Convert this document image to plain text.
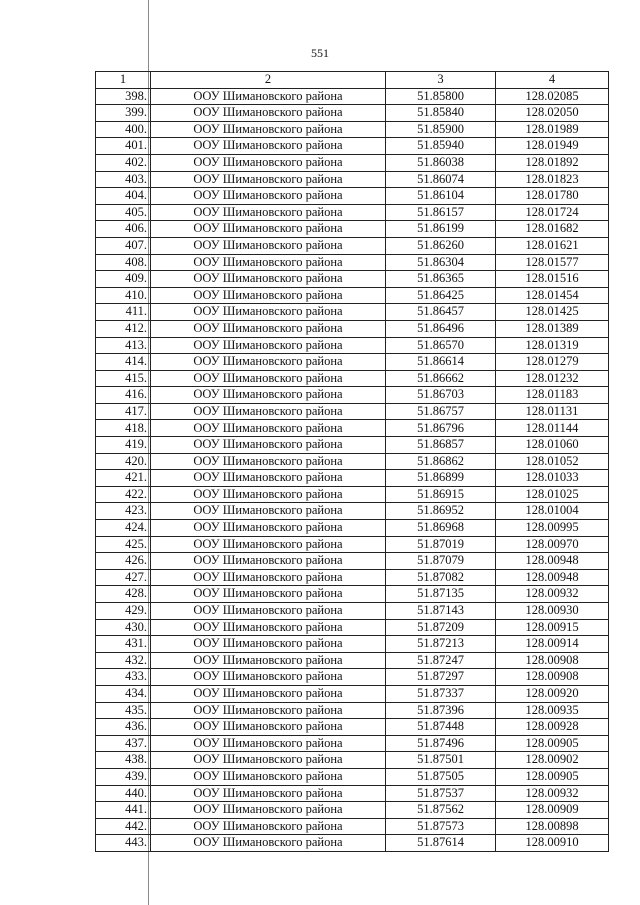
551
1	2	3	4
398.	ООУ Шимановского района	51.85800	128.02085
399.	ООУ Шимановского района	51.85840	128.02050
400.	ООУ Шимановского района	51.85900	128.01989
401.	ООУ Шимановского района	51.85940	128.01949
402.	ООУ Шимановского района	51.86038	128.01892
403.	ООУ Шимановского района	51.86074	128.01823
404.	ООУ Шимановского района	51.86104	128.01780
405.	ООУ Шимановского района	51.86157	128.01724
406.	ООУ Шимановского района	51.86199	128.01682
407.	ООУ Шимановского района	51.86260	128.01621
408.	ООУ Шимановского района	51.86304	128.01577
409.	ООУ Шимановского района	51.86365	128.01516
410.	ООУ Шимановского района	51.86425	128.01454
411.	ООУ Шимановского района	51.86457	128.01425
412.	ООУ Шимановского района	51.86496	128.01389
413.	ООУ Шимановского района	51.86570	128.01319
414.	ООУ Шимановского района	51.86614	128.01279
415.	ООУ Шимановского района	51.86662	128.01232
416.	ООУ Шимановского района	51.86703	128.01183
417.	ООУ Шимановского района	51.86757	128.01131
418.	ООУ Шимановского района	51.86796	128.01144
419.	ООУ Шимановского района	51.86857	128.01060
420.	ООУ Шимановского района	51.86862	128.01052
421.	ООУ Шимановского района	51.86899	128.01033
422.	ООУ Шимановского района	51.86915	128.01025
423.	ООУ Шимановского района	51.86952	128.01004
424.	ООУ Шимановского района	51.86968	128.00995
425.	ООУ Шимановского района	51.87019	128.00970
426.	ООУ Шимановского района	51.87079	128.00948
427.	ООУ Шимановского района	51.87082	128.00948
428.	ООУ Шимановского района	51.87135	128.00932
429.	ООУ Шимановского района	51.87143	128.00930
430.	ООУ Шимановского района	51.87209	128.00915
431.	ООУ Шимановского района	51.87213	128.00914
432.	ООУ Шимановского района	51.87247	128.00908
433.	ООУ Шимановского района	51.87297	128.00908
434.	ООУ Шимановского района	51.87337	128.00920
435.	ООУ Шимановского района	51.87396	128.00935
436.	ООУ Шимановского района	51.87448	128.00928
437.	ООУ Шимановского района	51.87496	128.00905
438.	ООУ Шимановского района	51.87501	128.00902
439.	ООУ Шимановского района	51.87505	128.00905
440.	ООУ Шимановского района	51.87537	128.00932
441.	ООУ Шимановского района	51.87562	128.00909
442.	ООУ Шимановского района	51.87573	128.00898
443.	ООУ Шимановского района	51.87614	128.00910
